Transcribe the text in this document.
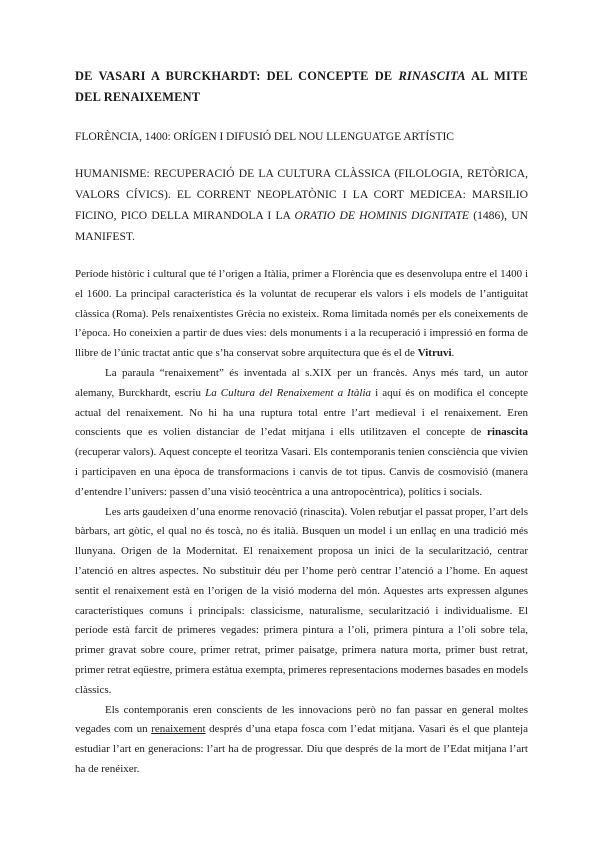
DE VASARI A BURCKHARDT: DEL CONCEPTE DE RINASCITA AL MITE DEL RENAIXEMENT
FLORÈNCIA, 1400: ORÍGEN I DIFUSIÓ DEL NOU LLENGUATGE ARTÍSTIC
HUMANISME: RECUPERACIÓ DE LA CULTURA CLÀSSICA (FILOLOGIA, RETÒRICA, VALORS CÍVICS). EL CORRENT NEOPLATÒNIC I LA CORT MEDICEA: MARSILIO FICINO, PICO DELLA MIRANDOLA I LA ORATIO DE HOMINIS DIGNITATE (1486), UN MANIFEST.

Període històric i cultural que té l’origen a Itàlia, primer a Florència que es desenvolupa entre el 1400 i el 1600. La principal característica és la voluntat de recuperar els valors i els models de l’antiguitat clàssica (Roma). Pels renaixentistes Grècia no existeix. Roma limitada només per els coneixements de l’època. Ho coneixien a partir de dues vies: dels monuments i a la recuperació i impressió en forma de llibre de l’únic tractat antic que s’ha conservat sobre arquitectura que és el de Vitruvi.

La paraula “renaixement” és inventada al s.XIX per un francès. Anys més tard, un autor alemany, Burckhardt, escriu La Cultura del Renaixement a Itàlia i aquí és on modifica el concepte actual del renaixement. No hi ha una ruptura total entre l’art medieval i el renaixement. Eren conscients que es volien distanciar de l’edat mitjana i ells utilitzaven el concepte de rinascita (recuperar valors). Aquest concepte el teoritza Vasari. Els contemporanis tenien consciència que vivien i participaven en una època de transformacions i canvis de tot tipus. Canvis de cosmovisió (manera d’entendre l’univers: passen d’una visió teocèntrica a una antropocèntrica), polítics i socials.

Les arts gaudeixen d’una enorme renovació (rinascita). Volen rebutjar el passat proper, l’art dels bàrbars, art gòtic, el qual no és toscà, no és italià. Busquen un model i un enllaç en una tradició més llunyana. Origen de la Modernitat. El renaixement proposa un inici de la secularització, centrar l’atenció en altres aspectes. No substituir déu per l’home però centrar l’atenció a l’home. En aquest sentit el renaixement està en l’origen de la visió moderna del món. Aquestes arts expressen algunes característiques comuns i principals: classicisme, naturalisme, secularització i individualisme. El període està farcit de primeres vegades: primera pintura a l’oli, primera pintura a l’oli sobre tela, primer gravat sobre coure, primer retrat, primer paisatge, primera natura morta, primer bust retrat, primer retrat eqüestre, primera estàtua exempta, primeres representacions modernes basades en models clàssics.

Els contemporanis eren conscients de les innovacions però no fan passar en general moltes vegades com un renaixement després d’una etapa fosca com l’edat mitjana. Vasari és el que planteja estudiar l’art en generacions: l’art ha de progressar. Diu que després de la mort de l’Edat mitjana l’art ha de renéixer.
